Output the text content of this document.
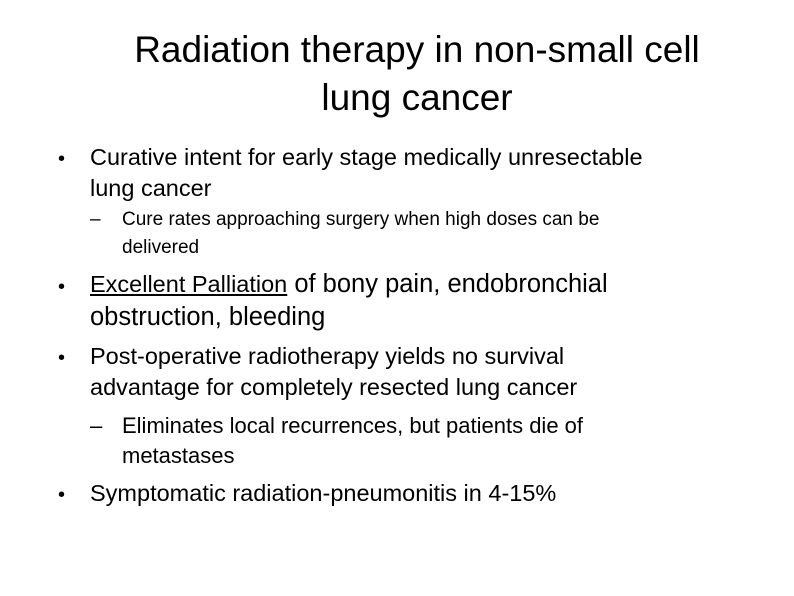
Radiation therapy in non-small cell
lung cancer
• Curative intent for early stage medically unresectable
lung cancer
– Cure rates approaching surgery when high doses can be
delivered
• Excellent Palliation of bony pain, endobronchial
obstruction, bleeding
• Post-operative radiotherapy yields no survival
advantage for completely resected lung cancer
– Eliminates local recurrences, but patients die of
metastases
• Symptomatic radiation-pneumonitis in 4-15%
